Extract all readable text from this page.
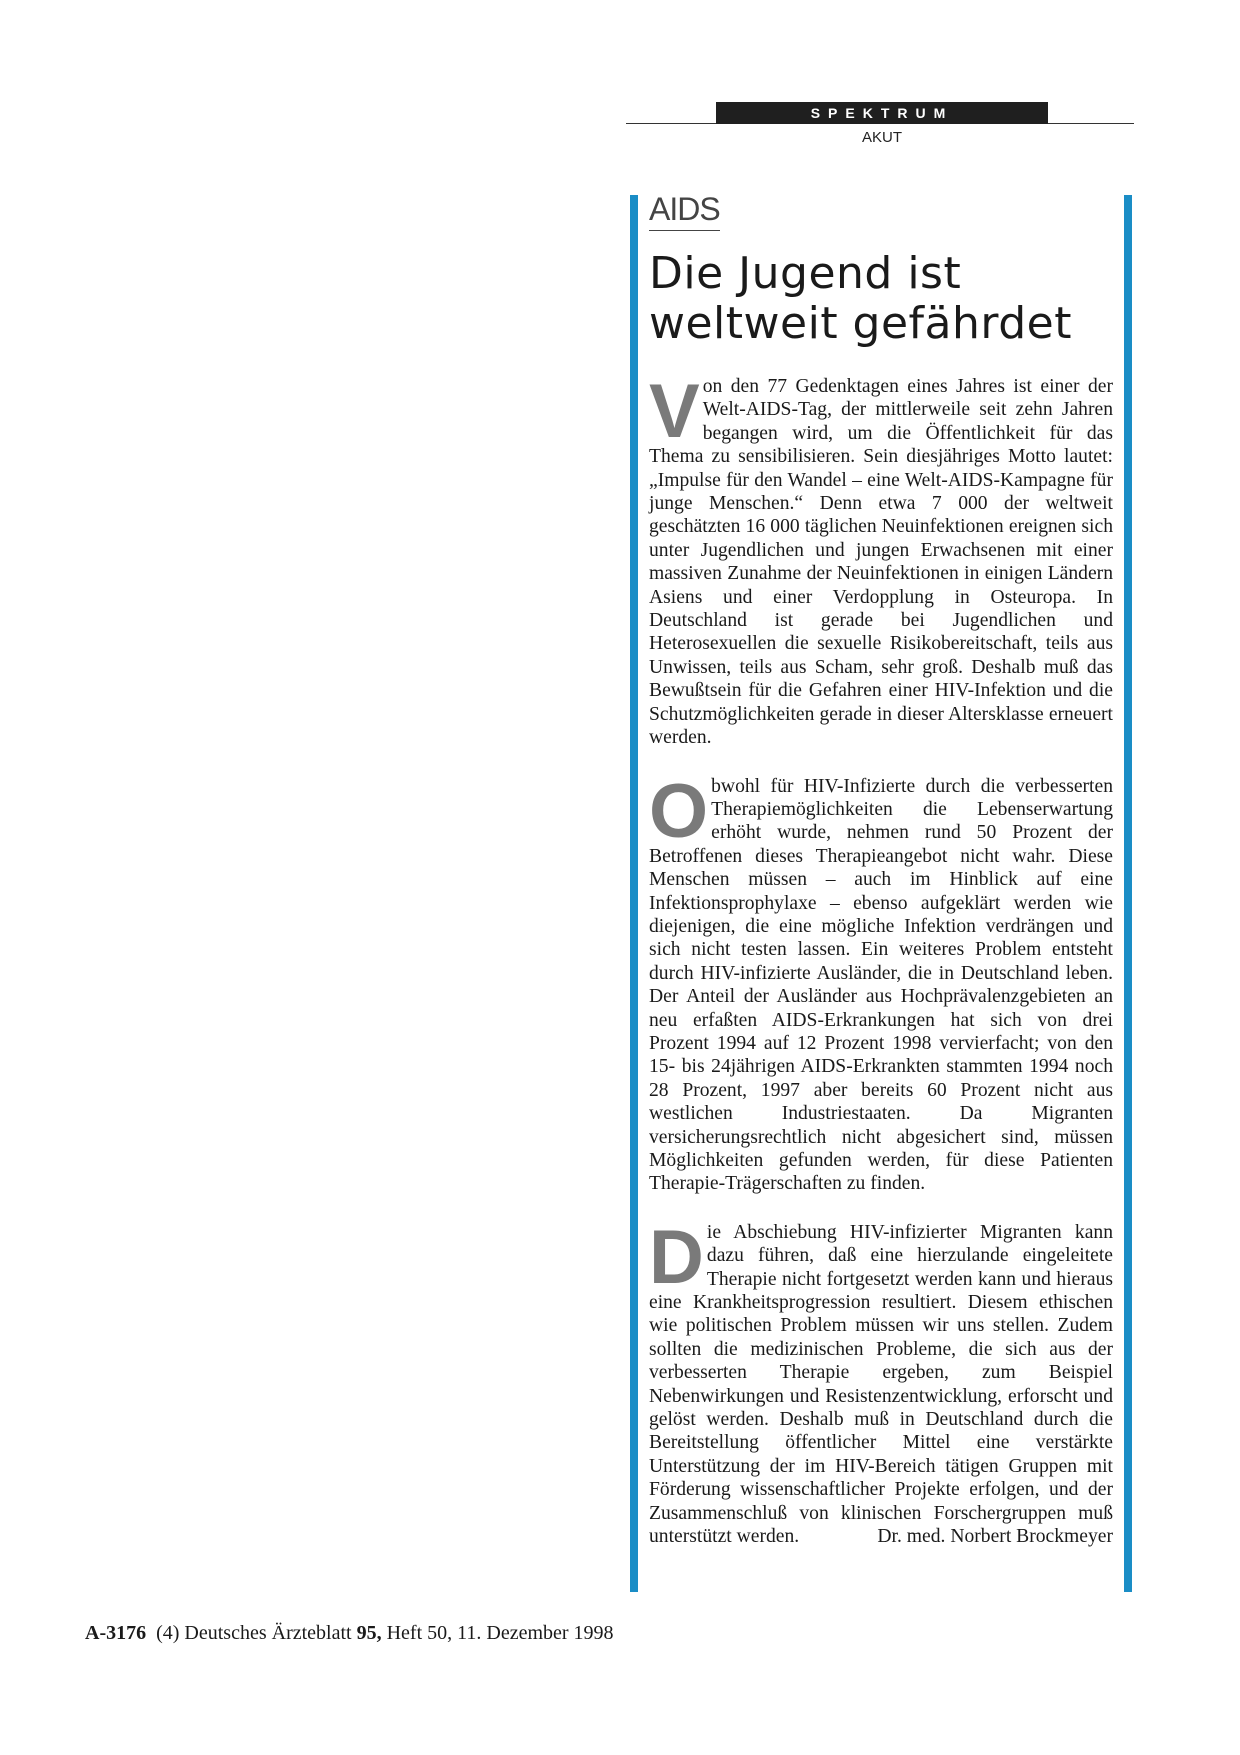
SPEKTRUM
AKUT
AIDS
Die Jugend ist
weltweit gefährdet

Von den 77 Gedenktagen eines Jahres ist einer der Welt-AIDS-Tag, der mittlerweile seit zehn Jahren begangen wird, um die Öffentlichkeit für das Thema zu sensibilisieren. Sein diesjähriges Motto lautet: „Impulse für den Wandel – eine Welt-AIDS-Kampagne für junge Menschen.“ Denn etwa 7 000 der weltweit geschätzten 16 000 täglichen Neuinfektionen ereignen sich unter Jugendlichen und jungen Erwachsenen mit einer massiven Zunahme der Neuinfektionen in einigen Ländern Asiens und einer Verdopplung in Osteuropa. In Deutschland ist gerade bei Jugendlichen und Heterosexuellen die sexuelle Risikobereitschaft, teils aus Unwissen, teils aus Scham, sehr groß. Deshalb muß das Bewußtsein für die Gefahren einer HIV-Infektion und die Schutzmöglichkeiten gerade in dieser Altersklasse erneuert werden.

Obwohl für HIV-Infizierte durch die verbesserten Therapiemöglichkeiten die Lebenserwartung erhöht wurde, nehmen rund 50 Prozent der Betroffenen dieses Therapieangebot nicht wahr. Diese Menschen müssen – auch im Hinblick auf eine Infektionsprophylaxe – ebenso aufgeklärt werden wie diejenigen, die eine mögliche Infektion verdrängen und sich nicht testen lassen. Ein weiteres Problem entsteht durch HIV-infizierte Ausländer, die in Deutschland leben. Der Anteil der Ausländer aus Hochprävalenzgebieten an neu erfaßten AIDS-Erkrankungen hat sich von drei Prozent 1994 auf 12 Prozent 1998 vervierfacht; von den 15- bis 24jährigen AIDS-Erkrankten stammten 1994 noch 28 Prozent, 1997 aber bereits 60 Prozent nicht aus westlichen Industriestaaten. Da Migranten versicherungsrechtlich nicht abgesichert sind, müssen Möglichkeiten gefunden werden, für diese Patienten Therapie-Trägerschaften zu finden.

Die Abschiebung HIV-infizierter Migranten kann dazu führen, daß eine hierzulande eingeleitete Therapie nicht fortgesetzt werden kann und hieraus eine Krankheitsprogression resultiert. Diesem ethischen wie politischen Problem müssen wir uns stellen. Zudem sollten die medizinischen Probleme, die sich aus der verbesserten Therapie ergeben, zum Beispiel Nebenwirkungen und Resistenzentwicklung, erforscht und gelöst werden. Deshalb muß in Deutschland durch die Bereitstellung öffentlicher Mittel eine verstärkte Unterstützung der im HIV-Bereich tätigen Gruppen mit Förderung wissenschaftlicher Projekte erfolgen, und der Zusammenschluß von klinischen Forschergruppen muß unterstützt werden.	Dr. med. Norbert Brockmeyer

A-3176 (4) Deutsches Ärzteblatt 95, Heft 50, 11. Dezember 1998
